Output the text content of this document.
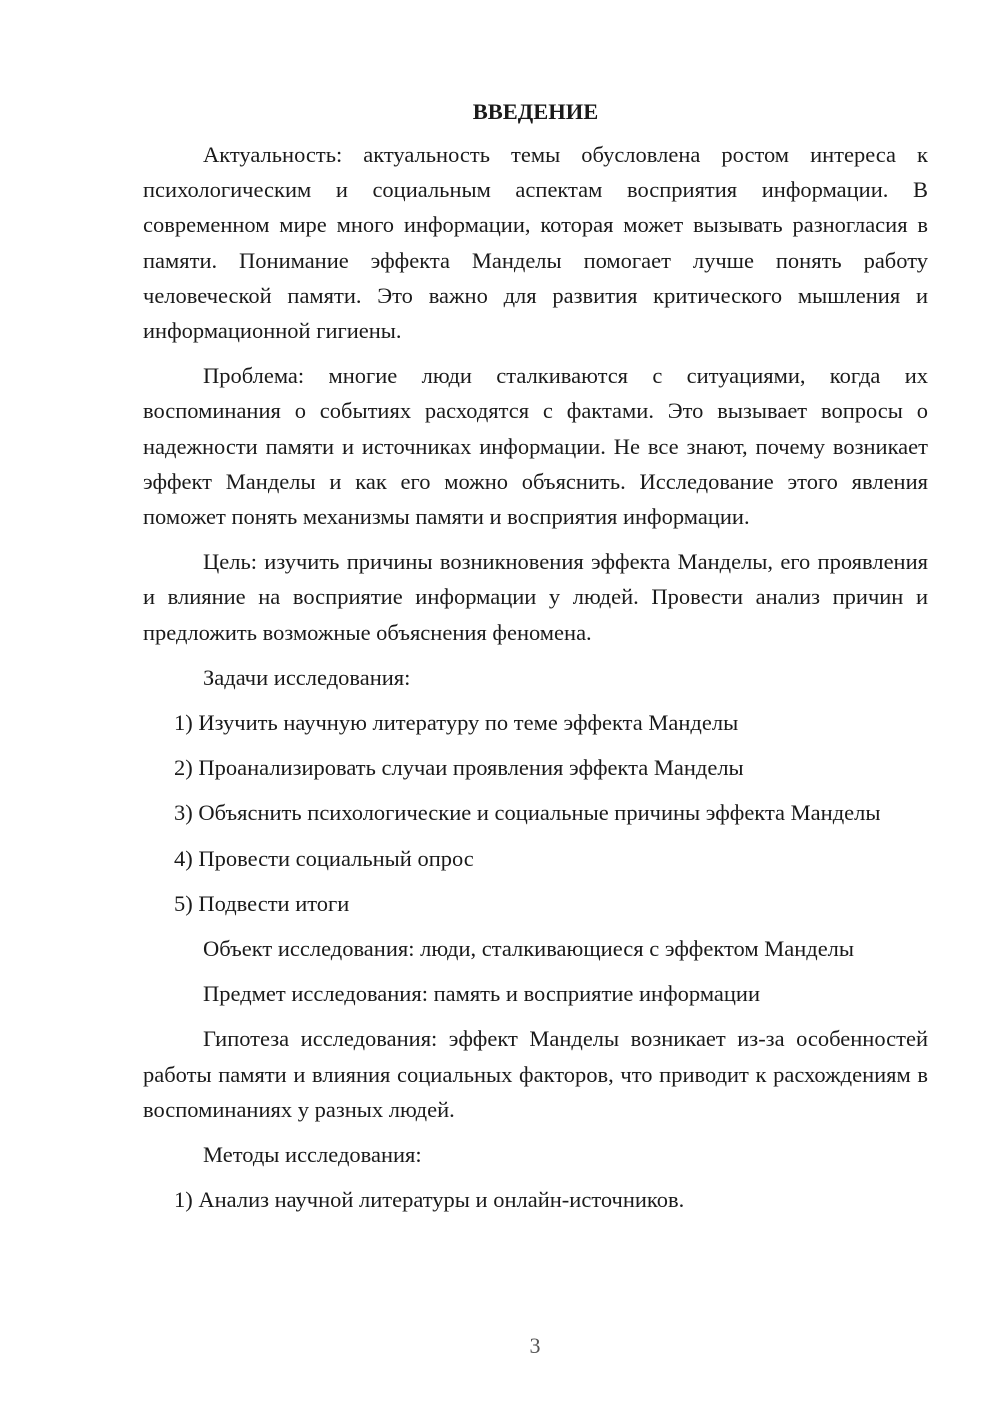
ВВЕДЕНИЕ

Актуальность: актуальность темы обусловлена ростом интереса к психологическим и социальным аспектам восприятия информации. В современном мире много информации, которая может вызывать разногласия в памяти. Понимание эффекта Манделы помогает лучше понять работу человеческой памяти. Это важно для развития критического мышления и информационной гигиены.

Проблема: многие люди сталкиваются с ситуациями, когда их воспоминания о событиях расходятся с фактами. Это вызывает вопросы о надежности памяти и источниках информации. Не все знают, почему возникает эффект Манделы и как его можно объяснить. Исследование этого явления поможет понять механизмы памяти и восприятия информации.

Цель: изучить причины возникновения эффекта Манделы, его проявления и влияние на восприятие информации у людей. Провести анализ причин и предложить возможные объяснения феномена.

Задачи исследования:

1) Изучить научную литературу по теме эффекта Манделы

2) Проанализировать случаи проявления эффекта Манделы

3) Объяснить психологические и социальные причины эффекта Манделы

4) Провести социальный опрос

5) Подвести итоги

Объект исследования: люди, сталкивающиеся с эффектом Манделы

Предмет исследования: память и восприятие информации

Гипотеза исследования: эффект Манделы возникает из-за особенностей работы памяти и влияния социальных факторов, что приводит к расхождениям в воспоминаниях у разных людей.

Методы исследования:

1) Анализ научной литературы и онлайн-источников.

3
